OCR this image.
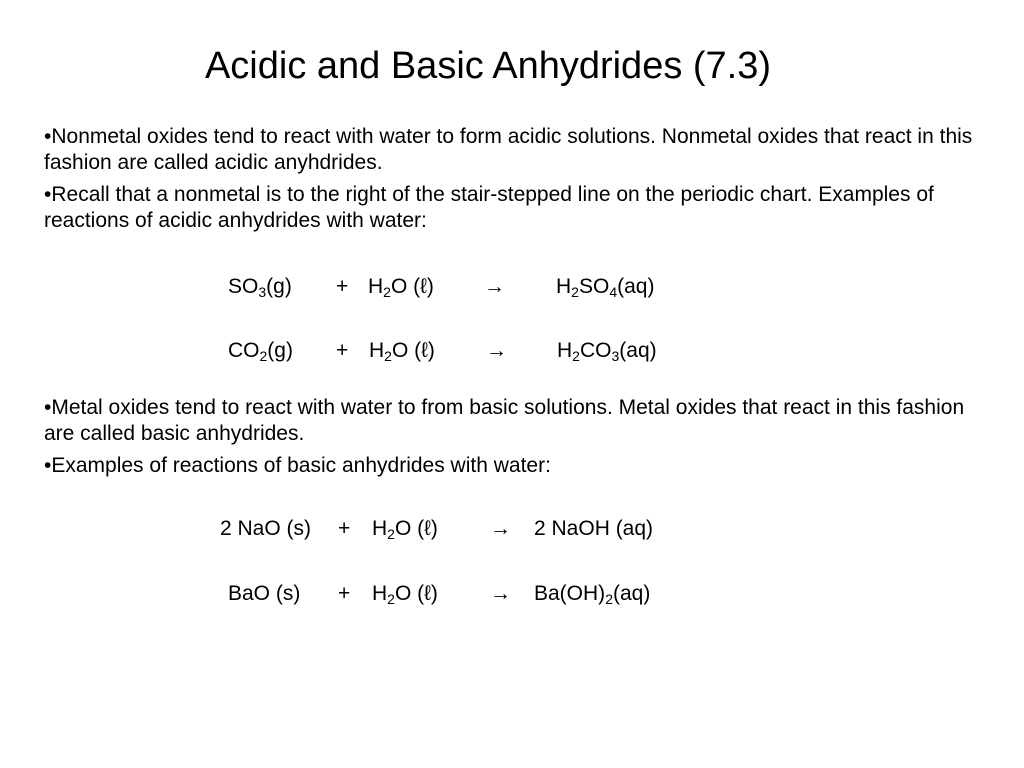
Acidic and Basic Anhydrides (7.3)

•Nonmetal oxides tend to react with water to form acidic solutions. Nonmetal oxides that react in this fashion are called acidic anyhdrides.

•Recall that a nonmetal is to the right of the stair-stepped line on the periodic chart. Examples of reactions of acidic anhydrides with water:

$SO_3(g) + H_2O$ (ℓ) → $H_2SO_4(aq)$
$CO_2(g) + H_2O$ (ℓ) → $H_2CO_3(aq)$

•Metal oxides tend to react with water to from basic solutions. Metal oxides that react in this fashion are called basic anhydrides.

•Examples of reactions of basic anhydrides with water:

2 NaO $(s) + H_2O$ (ℓ) → 2 NaOH (aq)
BaO $(s) + H_2O$ (ℓ) → $Ba(OH)_2(aq)$
